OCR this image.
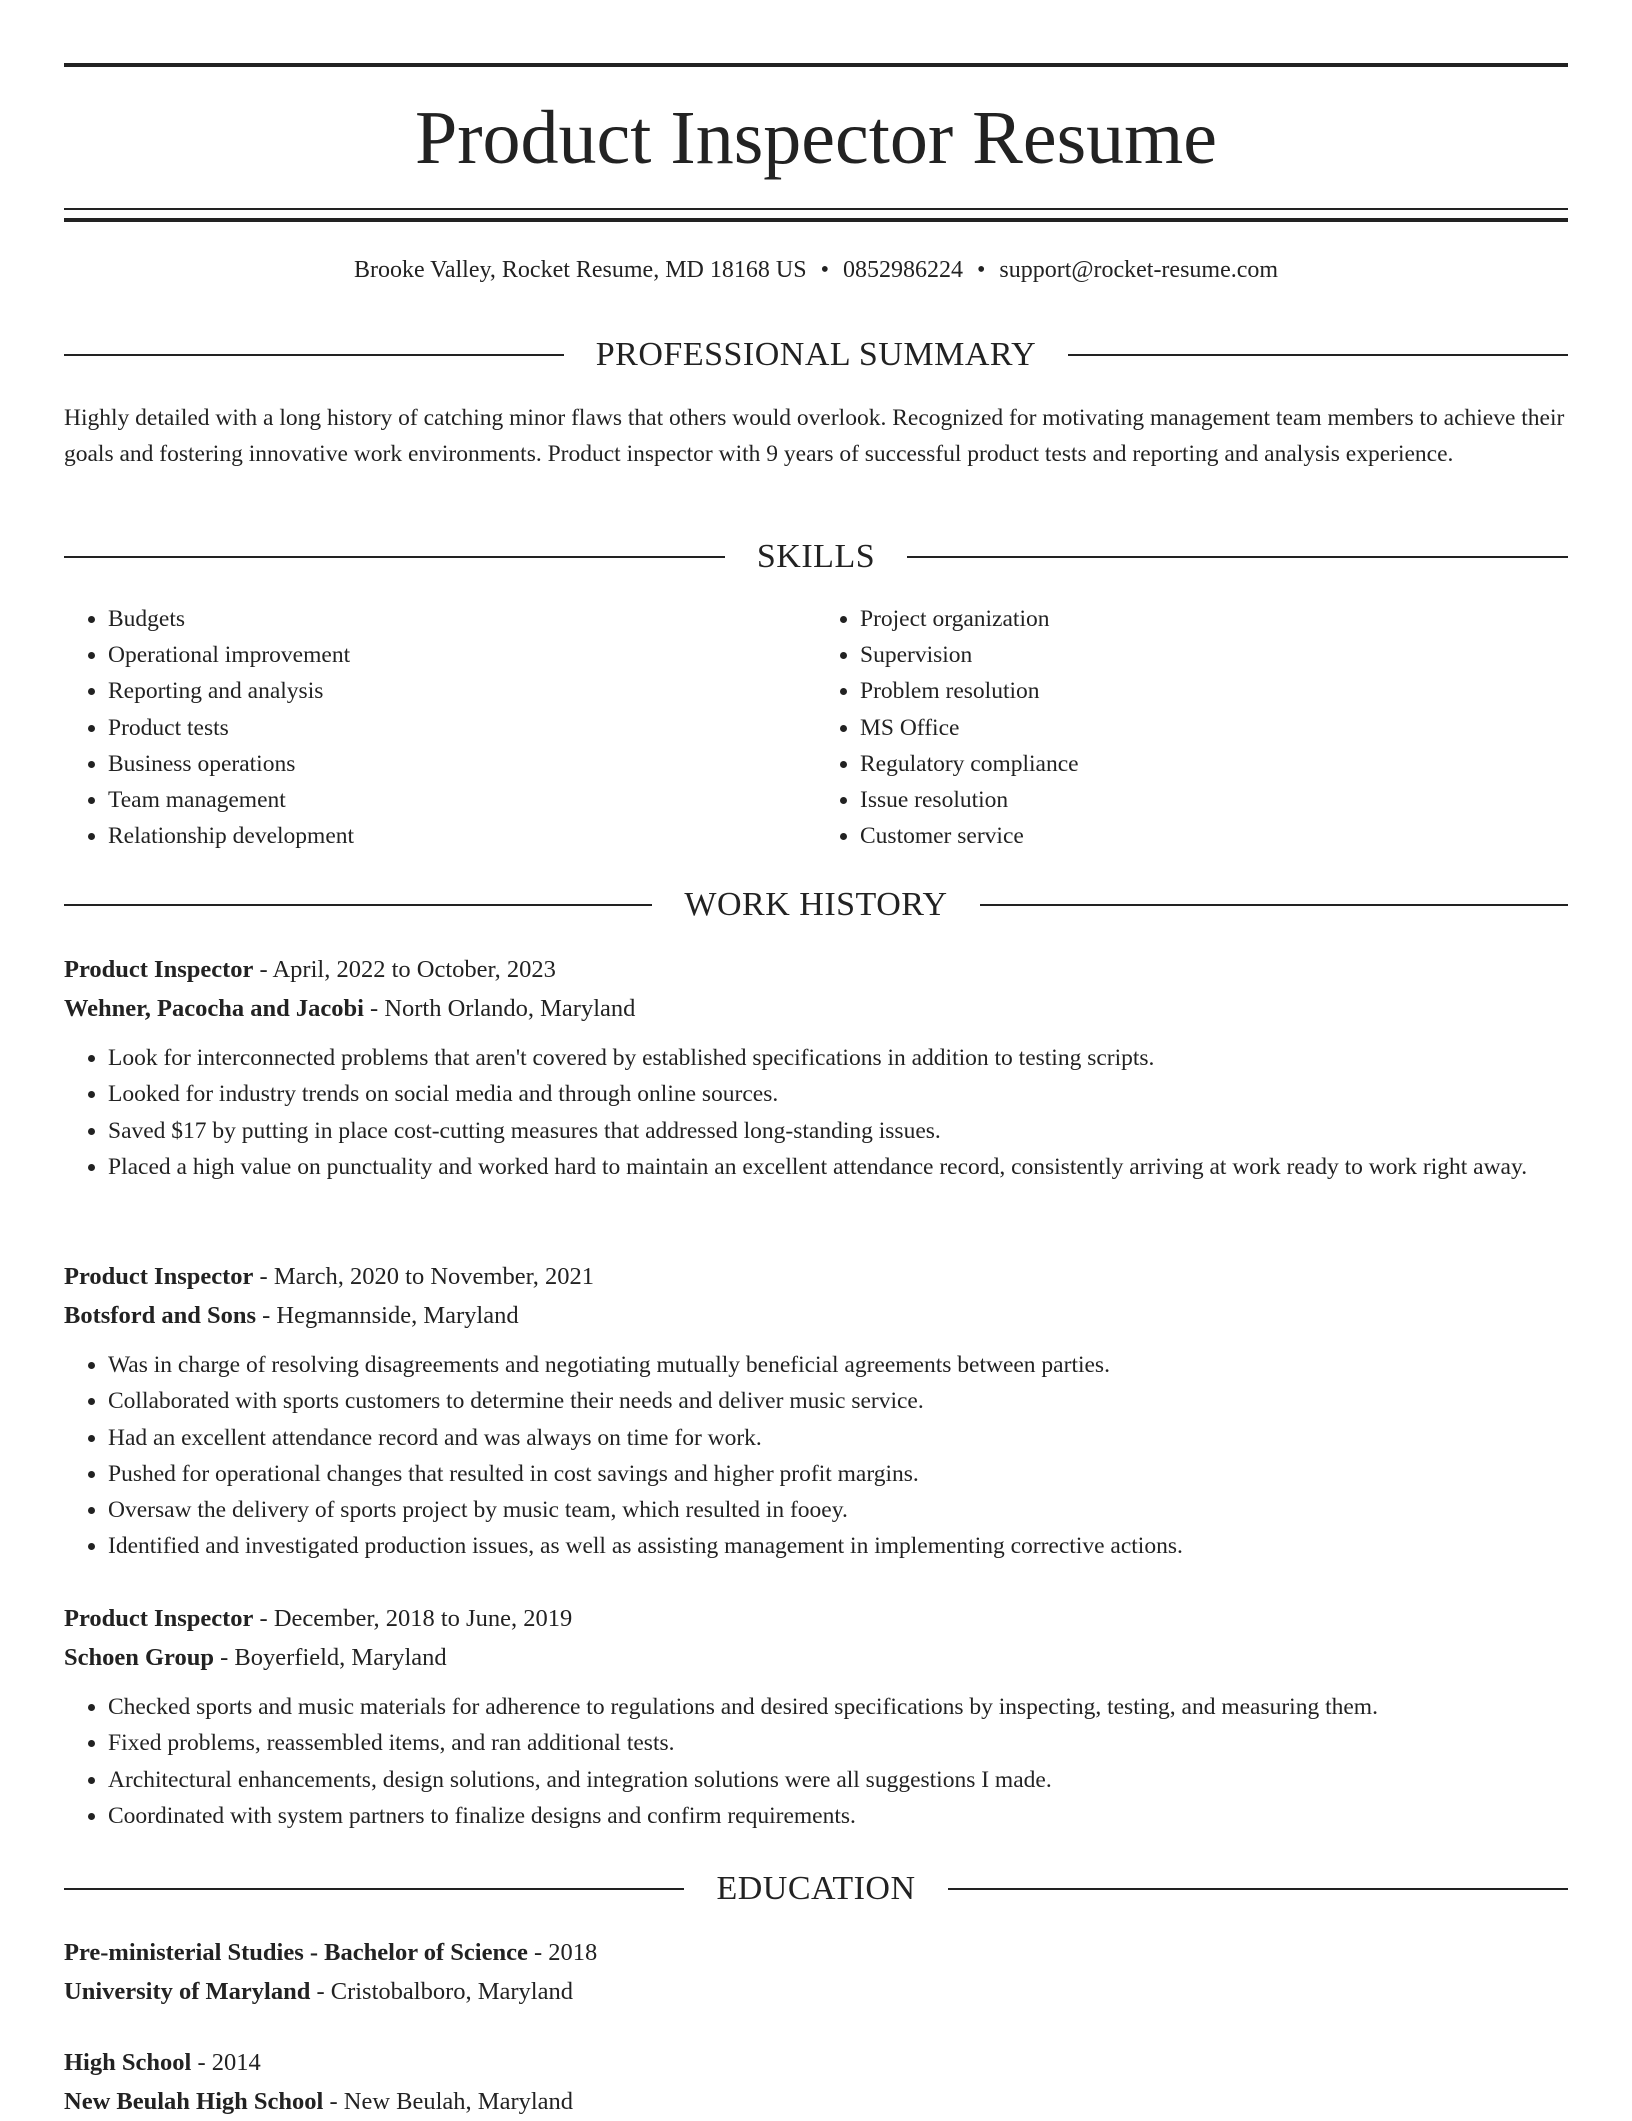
Product Inspector Resume
Brooke Valley, Rocket Resume, MD 18168 US • 0852986224 • support@rocket-resume.com
PROFESSIONAL SUMMARY

Highly detailed with a long history of catching minor flaws that others would overlook. Recognized for motivating management team members to achieve their goals and fostering innovative work environments. Product inspector with 9 years of successful product tests and reporting and analysis experience.

SKILLS
• Budgets
• Operational improvement
• Reporting and analysis
• Product tests
• Business operations
• Team management
• Relationship development
• Project organization
• Supervision
• Problem resolution
• MS Office
• Regulatory compliance
• Issue resolution
• Customer service
WORK HISTORY
Product Inspector - April, 2022 to October, 2023
Wehner, Pacocha and Jacobi - North Orlando, Maryland
• Look for interconnected problems that aren't covered by established specifications in addition to testing scripts.
• Looked for industry trends on social media and through online sources.
• Saved $17 by putting in place cost-cutting measures that addressed long-standing issues.
• Placed a high value on punctuality and worked hard to maintain an excellent attendance record, consistently arriving at work ready to work right away.
Product Inspector - March, 2020 to November, 2021
Botsford and Sons - Hegmannside, Maryland
• Was in charge of resolving disagreements and negotiating mutually beneficial agreements between parties.
• Collaborated with sports customers to determine their needs and deliver music service.
• Had an excellent attendance record and was always on time for work.
• Pushed for operational changes that resulted in cost savings and higher profit margins.
• Oversaw the delivery of sports project by music team, which resulted in fooey.
• Identified and investigated production issues, as well as assisting management in implementing corrective actions.
Product Inspector - December, 2018 to June, 2019
Schoen Group - Boyerfield, Maryland
• Checked sports and music materials for adherence to regulations and desired specifications by inspecting, testing, and measuring them.
• Fixed problems, reassembled items, and ran additional tests.
• Architectural enhancements, design solutions, and integration solutions were all suggestions I made.
• Coordinated with system partners to finalize designs and confirm requirements.
EDUCATION
Pre-ministerial Studies - Bachelor of Science - 2018
University of Maryland - Cristobalboro, Maryland
High School - 2014
New Beulah High School - New Beulah, Maryland
